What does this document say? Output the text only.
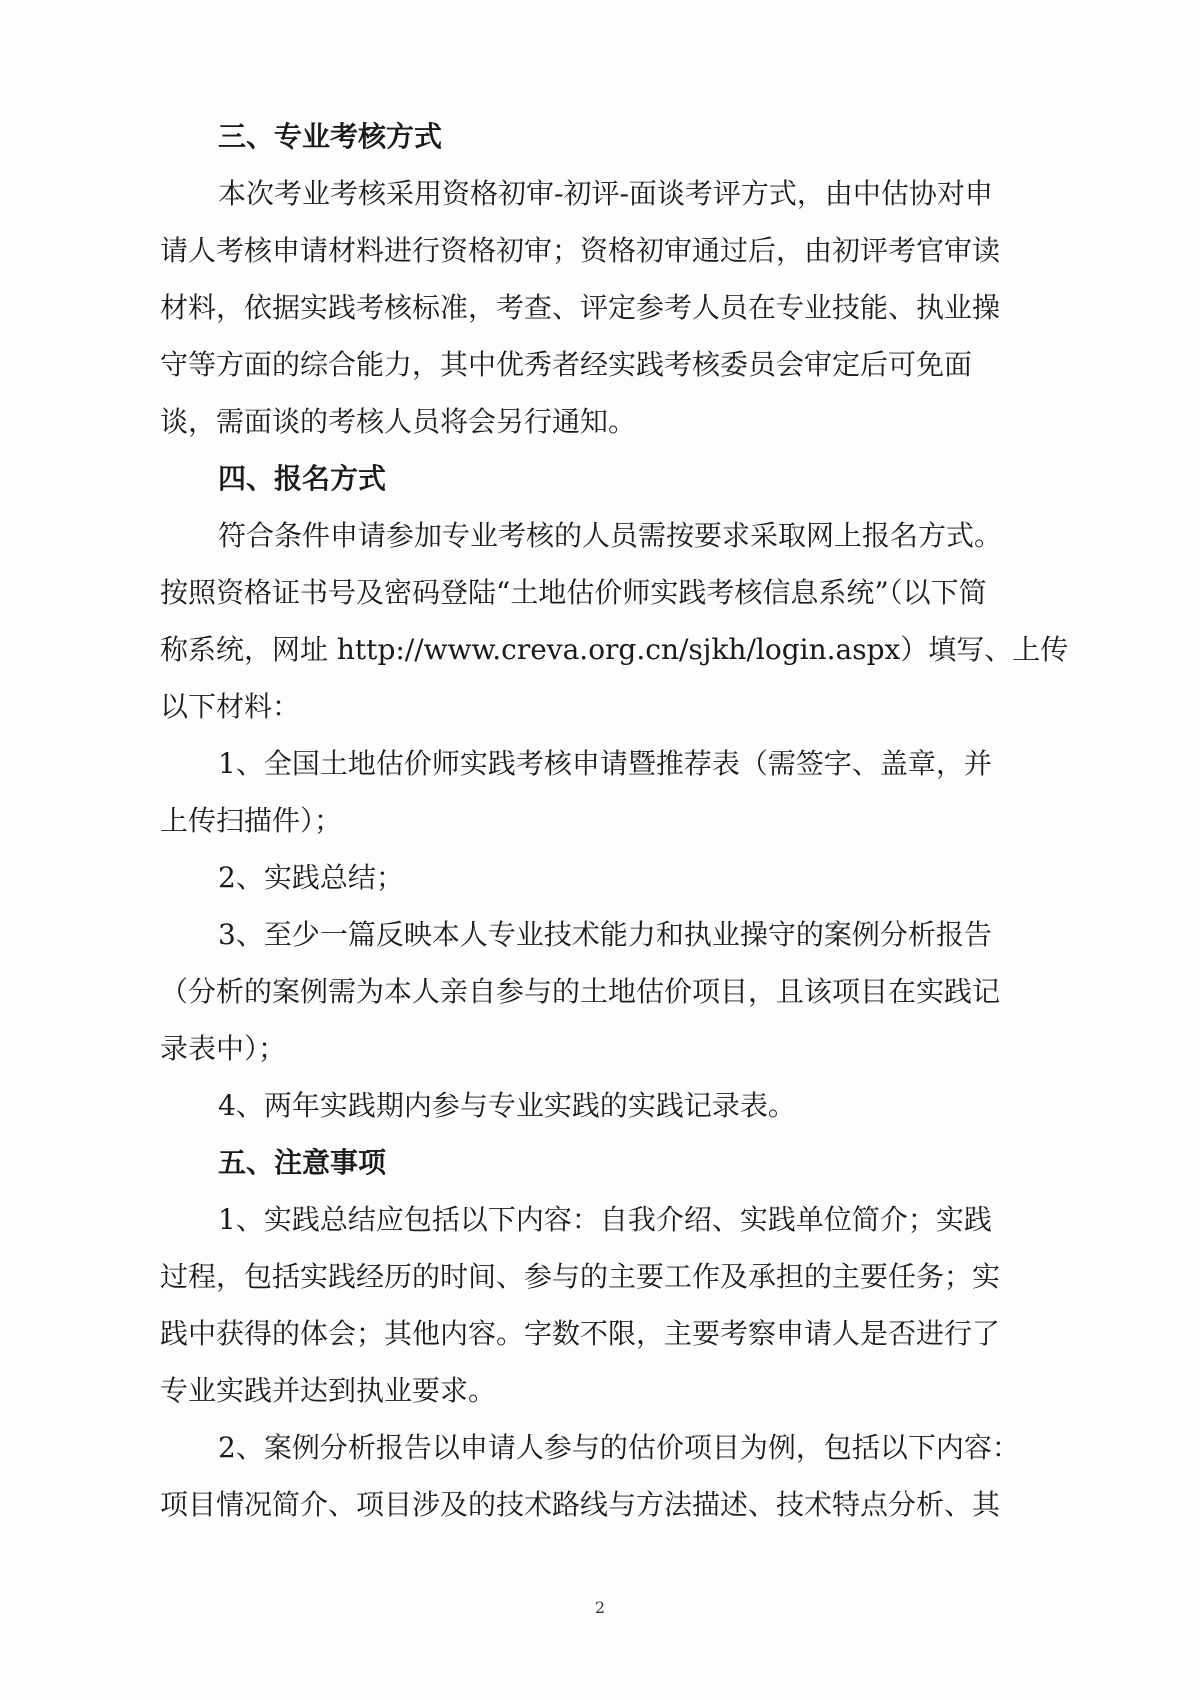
三、专业考核方式
本次考业考核采用资格初审-初评-面谈考评方式，由中估协对申
请人考核申请材料进行资格初审；资格初审通过后，由初评考官审读
材料，依据实践考核标准，考查、评定参考人员在专业技能、执业操
守等方面的综合能力，其中优秀者经实践考核委员会审定后可免面
谈，需面谈的考核人员将会另行通知。
四、报名方式
符合条件申请参加专业考核的人员需按要求采取网上报名方式。
按照资格证书号及密码登陆“土地估价师实践考核信息系统”（以下简
称系统，网址 http://www.creva.org.cn/sjkh/login.aspx）填写、上传
以下材料：
1、全国土地估价师实践考核申请暨推荐表（需签字、盖章，并
上传扫描件）；
2、实践总结；
3、至少一篇反映本人专业技术能力和执业操守的案例分析报告
（分析的案例需为本人亲自参与的土地估价项目，且该项目在实践记
录表中）；
4、两年实践期内参与专业实践的实践记录表。
五、注意事项
1、实践总结应包括以下内容：自我介绍、实践单位简介；实践
过程，包括实践经历的时间、参与的主要工作及承担的主要任务；实
践中获得的体会；其他内容。字数不限，主要考察申请人是否进行了
专业实践并达到执业要求。
2、案例分析报告以申请人参与的估价项目为例，包括以下内容：
项目情况简介、项目涉及的技术路线与方法描述、技术特点分析、其
2
